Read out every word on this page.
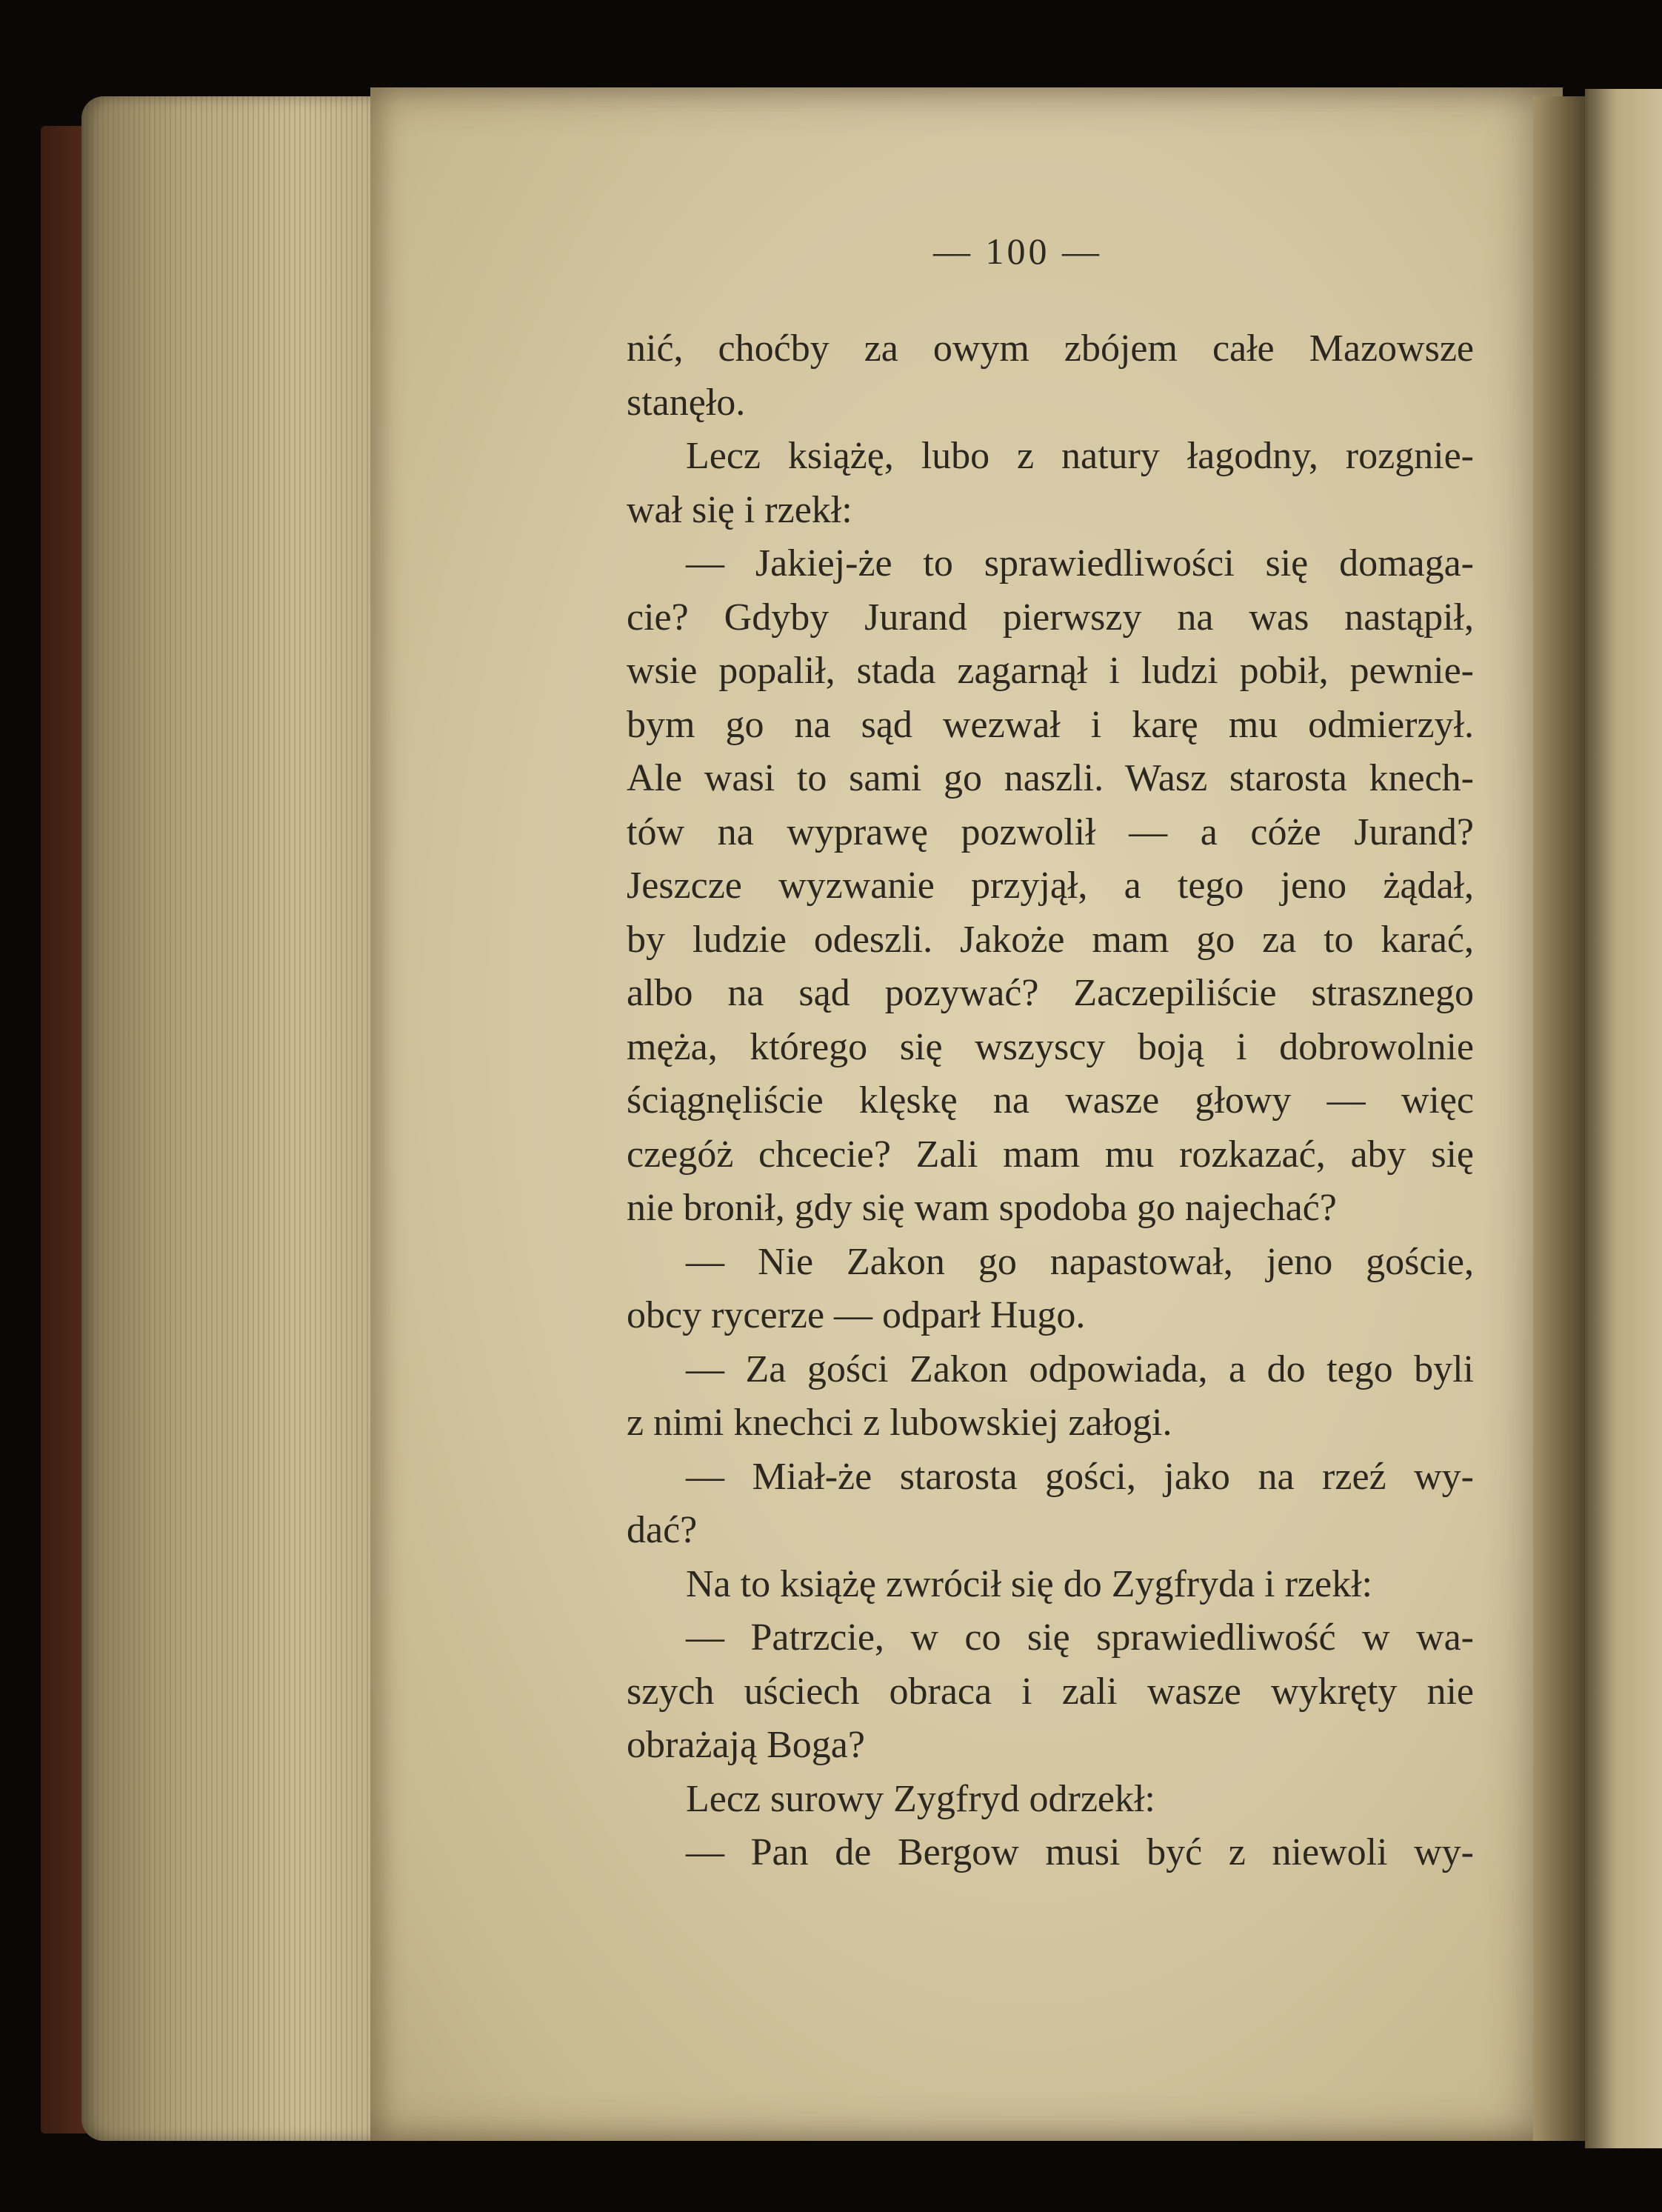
— 100 —
nić, choćby za owym zbójem całe Mazowsze
stanęło.
Lecz książę, lubo z natury łagodny, rozgnie-
wał się i rzekł:
— Jakiej-że to sprawiedliwości się domaga-
cie? Gdyby Jurand pierwszy na was nastąpił,
wsie popalił, stada zagarnął i ludzi pobił, pewnie-
bym go na sąd wezwał i karę mu odmierzył.
Ale wasi to sami go naszli. Wasz starosta knech-
tów na wyprawę pozwolił — a cóże Jurand?
Jeszcze wyzwanie przyjął, a tego jeno żądał,
by ludzie odeszli. Jakoże mam go za to karać,
albo na sąd pozywać? Zaczepiliście strasznego
męża, którego się wszyscy boją i dobrowolnie
ściągnęliście klęskę na wasze głowy — więc
czegóż chcecie? Zali mam mu rozkazać, aby się
nie bronił, gdy się wam spodoba go najechać?
— Nie Zakon go napastował, jeno goście,
obcy rycerze — odparł Hugo.
— Za gości Zakon odpowiada, a do tego byli
z nimi knechci z lubowskiej załogi.
— Miał-że starosta gości, jako na rzeź wy-
dać?
Na to książę zwrócił się do Zygfryda i rzekł:
— Patrzcie, w co się sprawiedliwość w wa-
szych uściech obraca i zali wasze wykręty nie
obrażają Boga?
Lecz surowy Zygfryd odrzekł:
— Pan de Bergow musi być z niewoli wy-
